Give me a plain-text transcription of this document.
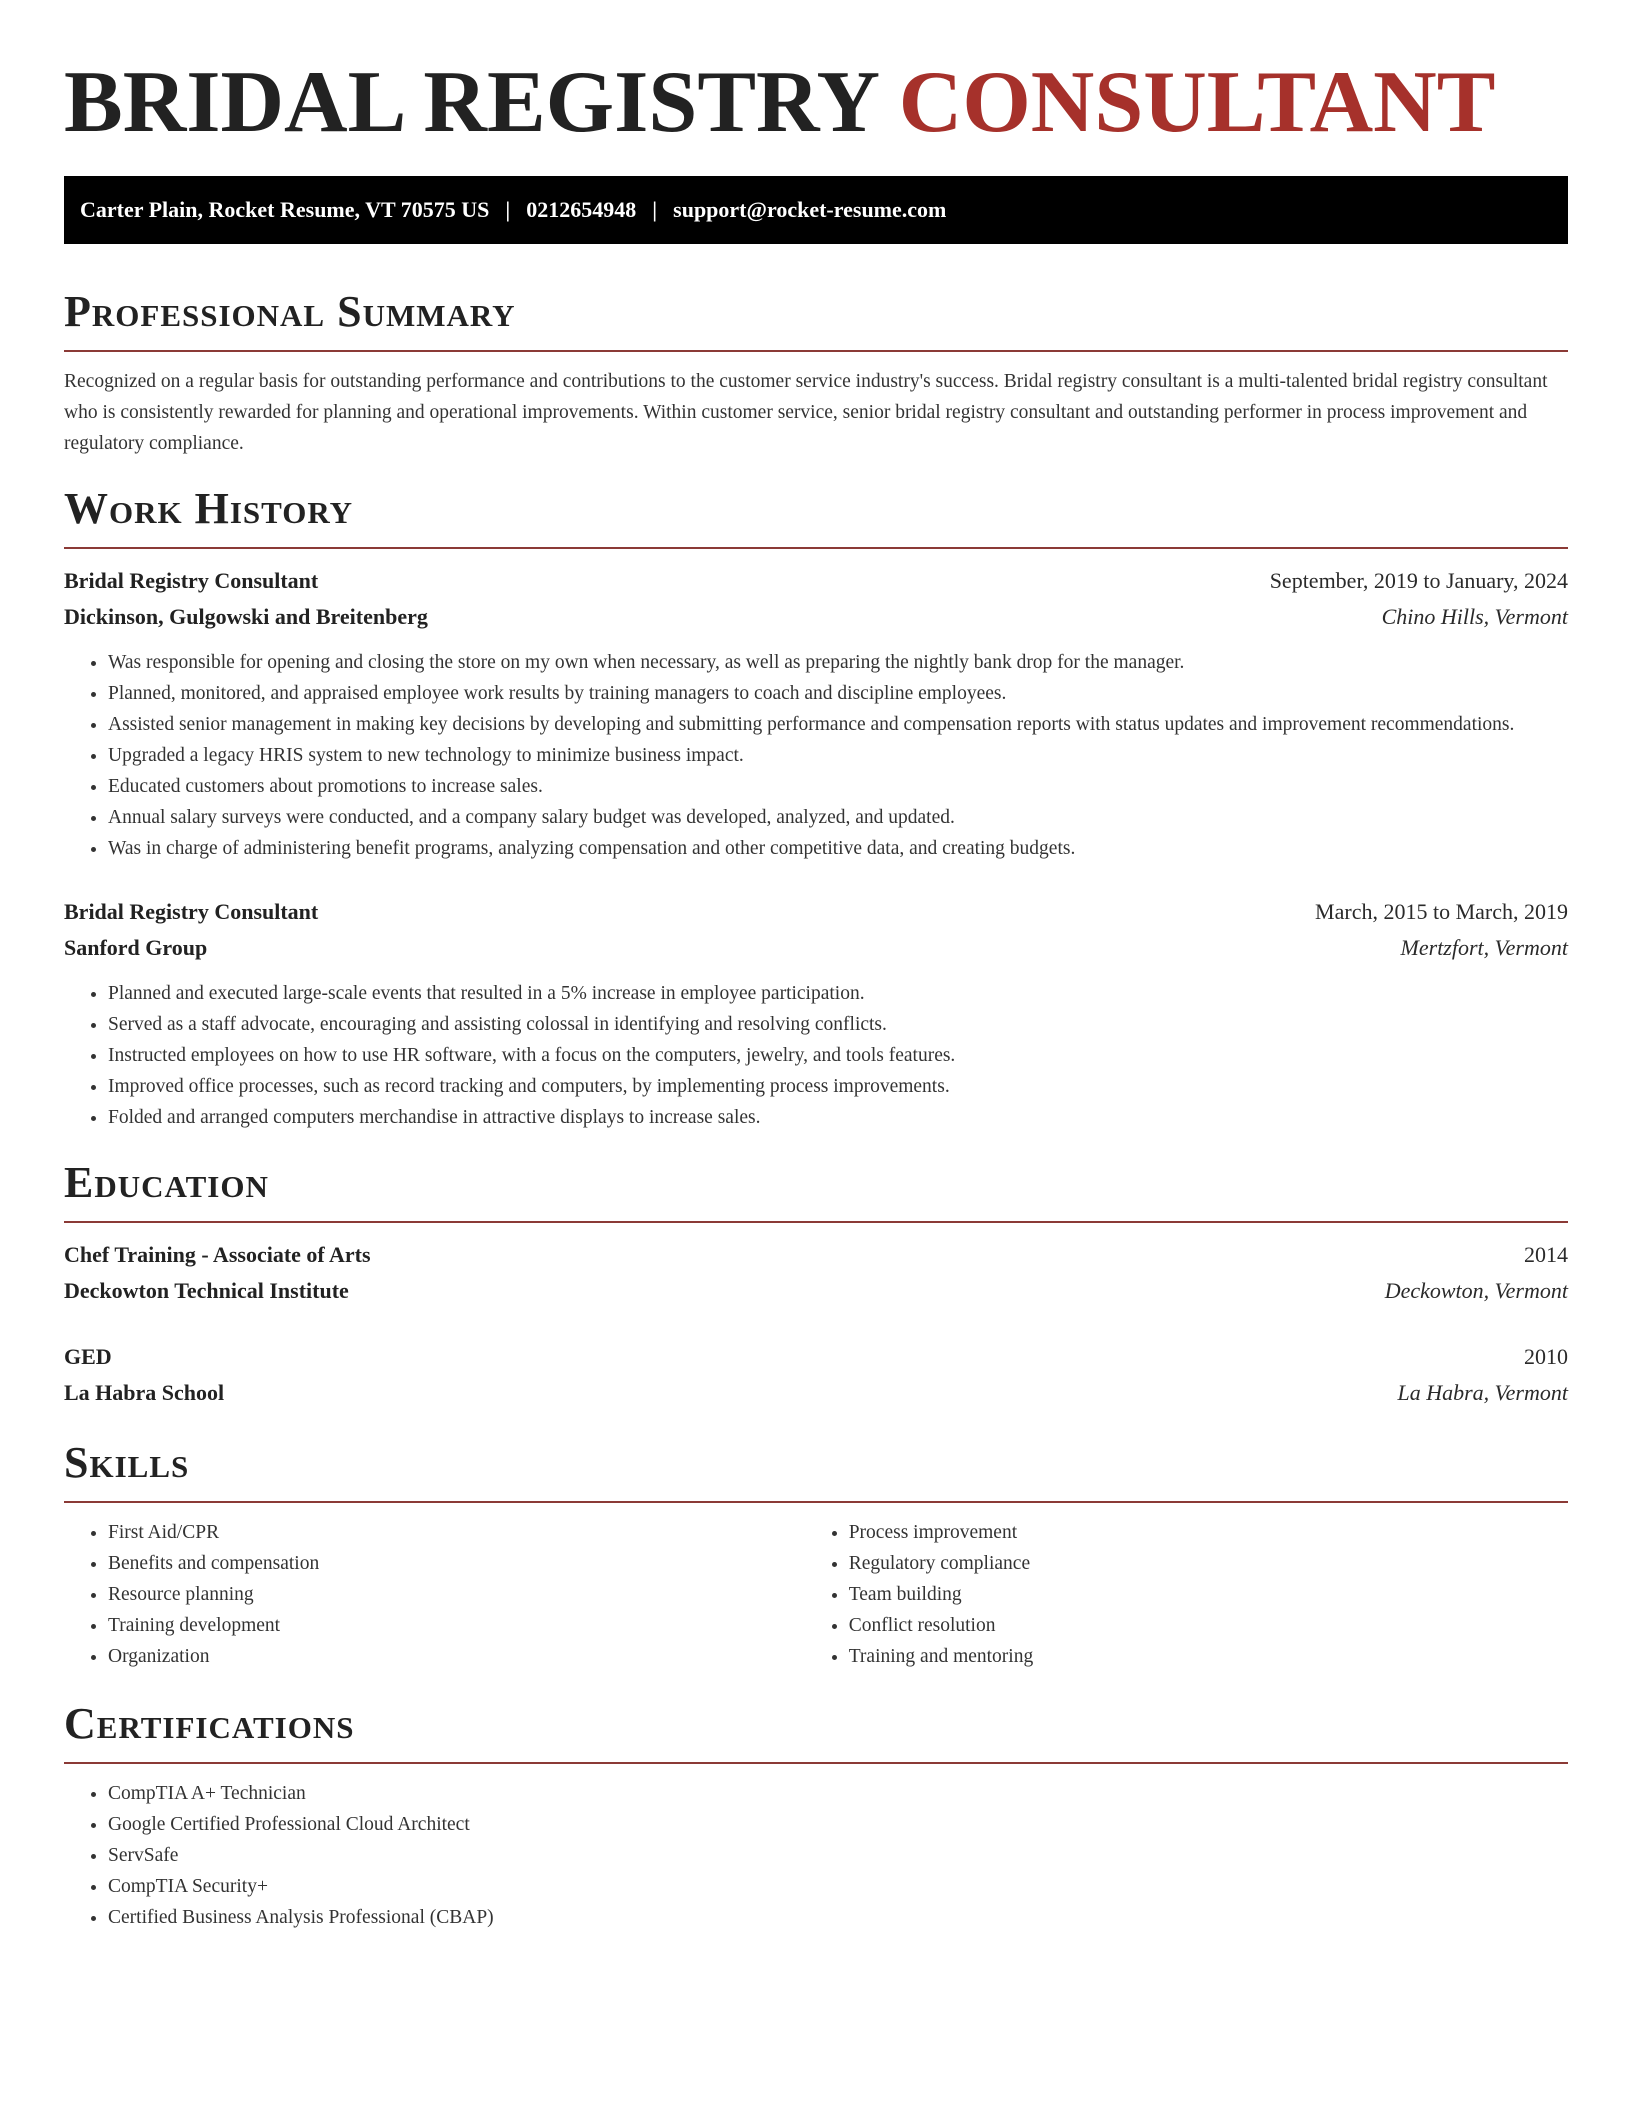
BRIDAL REGISTRY CONSULTANT
Carter Plain, Rocket Resume, VT 70575 US | 0212654948 | support@rocket-resume.com
Professional Summary

Recognized on a regular basis for outstanding performance and contributions to the customer service industry's success. Bridal registry consultant is a multi-talented bridal registry consultant who is consistently rewarded for planning and operational improvements. Within customer service, senior bridal registry consultant and outstanding performer in process improvement and regulatory compliance.

Work History
Bridal Registry Consultant	September, 2019 to January, 2024
Dickinson, Gulgowski and Breitenberg	Chino Hills, Vermont
• Was responsible for opening and closing the store on my own when necessary, as well as preparing the nightly bank drop for the manager.
• Planned, monitored, and appraised employee work results by training managers to coach and discipline employees.
• Assisted senior management in making key decisions by developing and submitting performance and compensation reports with status updates and improvement recommendations.
• Upgraded a legacy HRIS system to new technology to minimize business impact.
• Educated customers about promotions to increase sales.
• Annual salary surveys were conducted, and a company salary budget was developed, analyzed, and updated.
• Was in charge of administering benefit programs, analyzing compensation and other competitive data, and creating budgets.
Bridal Registry Consultant	March, 2015 to March, 2019
Sanford Group	Mertzfort, Vermont
• Planned and executed large-scale events that resulted in a 5% increase in employee participation.
• Served as a staff advocate, encouraging and assisting colossal in identifying and resolving conflicts.
• Instructed employees on how to use HR software, with a focus on the computers, jewelry, and tools features.
• Improved office processes, such as record tracking and computers, by implementing process improvements.
• Folded and arranged computers merchandise in attractive displays to increase sales.
Education
Chef Training - Associate of Arts	2014
Deckowton Technical Institute	Deckowton, Vermont
GED	2010
La Habra School	La Habra, Vermont
Skills
• First Aid/CPR
• Benefits and compensation
• Resource planning
• Training development
• Organization
• Process improvement
• Regulatory compliance
• Team building
• Conflict resolution
• Training and mentoring
Certifications
• CompTIA A+ Technician
• Google Certified Professional Cloud Architect
• ServSafe
• CompTIA Security+
• Certified Business Analysis Professional (CBAP)
